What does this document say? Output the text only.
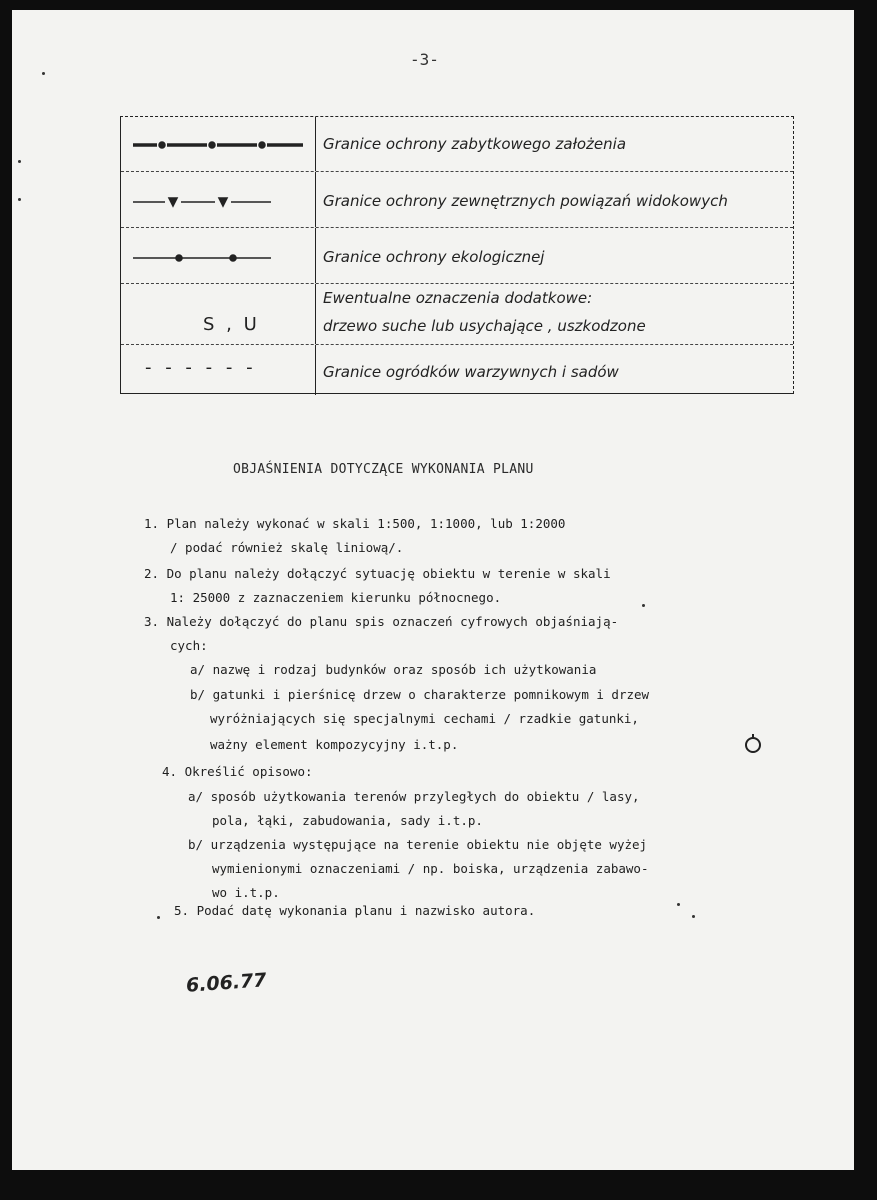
-3-
Granice ochrony zabytkowego założenia
Granice ochrony zewnętrznych powiązań widokowych
Granice ochrony ekologicznej
S , U
Ewentualne oznaczenia dodatkowe:
drzewo suche lub usychające , uszkodzone
- - - - - -	Granice ogródków warzywnych i sadów
OBJAŚNIENIA DOTYCZĄCE WYKONANIA PLANU
1. Plan należy wykonać w skali 1:500, 1:1000, lub 1:2000
/ podać również skalę liniową/.
2. Do planu należy dołączyć sytuację obiektu w terenie w skali
1: 25000 z zaznaczeniem kierunku północnego.
3. Należy dołączyć do planu spis oznaczeń cyfrowych objaśniają-
cych:
a/ nazwę i rodzaj budynków oraz sposób ich użytkowania
b/ gatunki i pierśnicę drzew o charakterze pomnikowym i drzew
wyróżniających się specjalnymi cechami / rzadkie gatunki,
ważny element kompozycyjny i.t.p.
4. Określić opisowo:
a/ sposób użytkowania terenów przyległych do obiektu / lasy,
pola, łąki, zabudowania, sady i.t.p.
b/ urządzenia występujące na terenie obiektu nie objęte wyżej
wymienionymi oznaczeniami / np. boiska, urządzenia zabawo-
wo i.t.p.
5. Podać datę wykonania planu i nazwisko autora.
6.06.77
